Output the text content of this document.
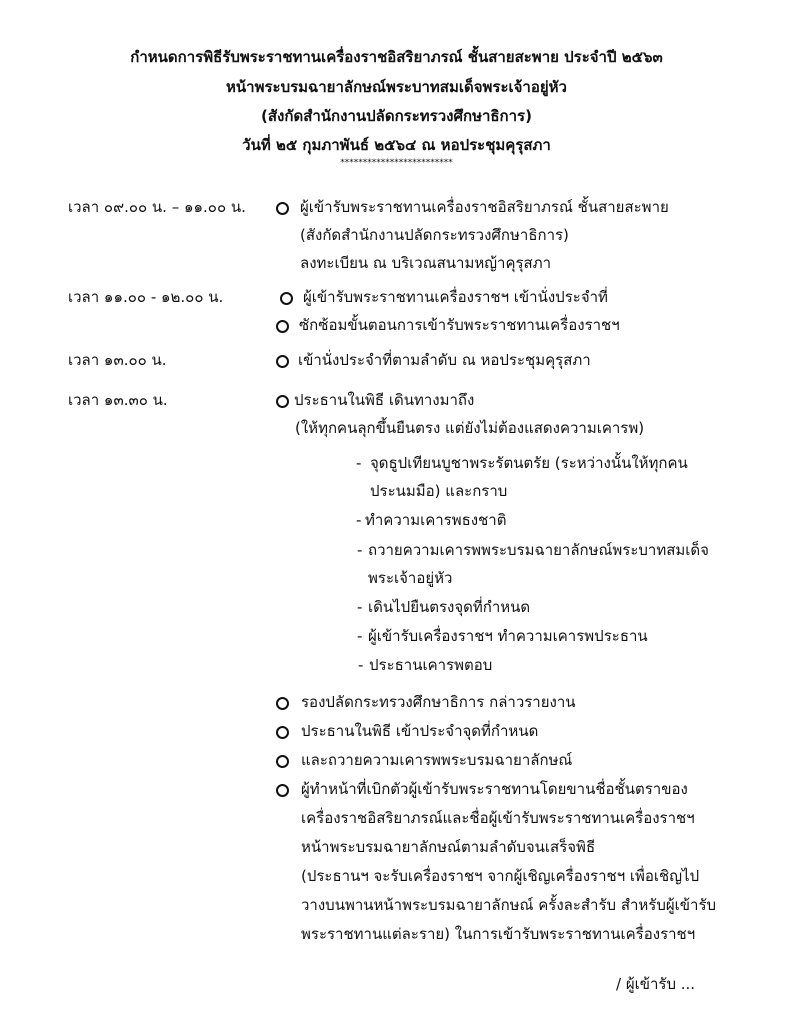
กำหนดการพิธีรับพระราชทานเครื่องราชอิสริยาภรณ์ ชั้นสายสะพาย ประจำปี ๒๕๖๓
หน้าพระบรมฉายาลักษณ์พระบาทสมเด็จพระเจ้าอยู่หัว
(สังกัดสำนักงานปลัดกระทรวงศึกษาธิการ)
วันที่ ๒๕ กุมภาพันธ์ ๒๕๖๔ ณ หอประชุมคุรุสภา
*************************
เวลา ๐๙.๐๐ น. – ๑๑.๐๐ น.	ผู้เข้ารับพระราชทานเครื่องราชอิสริยาภรณ์ ชั้นสายสะพาย
(สังกัดสำนักงานปลัดกระทรวงศึกษาธิการ)
ลงทะเบียน ณ บริเวณสนามหญ้าคุรุสภา
เวลา ๑๑.๐๐ - ๑๒.๐๐ น.	ผู้เข้ารับพระราชทานเครื่องราชฯ เข้านั่งประจำที่
ซักซ้อมขั้นตอนการเข้ารับพระราชทานเครื่องราชฯ
เวลา ๑๓.๐๐ น.	เข้านั่งประจำที่ตามลำดับ ณ หอประชุมคุรุสภา
เวลา ๑๓.๓๐ น.	ประธานในพิธี เดินทางมาถึง
(ให้ทุกคนลุกขึ้นยืนตรง แต่ยังไม่ต้องแสดงความเคารพ)
- จุดธูปเทียนบูชาพระรัตนตรัย (ระหว่างนั้นให้ทุกคน
ประนมมือ) และกราบ
- ทำความเคารพธงชาติ
- ถวายความเคารพพระบรมฉายาลักษณ์พระบาทสมเด็จ
พระเจ้าอยู่หัว
- เดินไปยืนตรงจุดที่กำหนด
- ผู้เข้ารับเครื่องราชฯ ทำความเคารพประธาน
- ประธานเคารพตอบ
รองปลัดกระทรวงศึกษาธิการ กล่าวรายงาน
ประธานในพิธี เข้าประจำจุดที่กำหนด
และถวายความเคารพพระบรมฉายาลักษณ์
ผู้ทำหน้าที่เบิกตัวผู้เข้ารับพระราชทานโดยขานชื่อชั้นตราของ
เครื่องราชอิสริยาภรณ์และชื่อผู้เข้ารับพระราชทานเครื่องราชฯ
หน้าพระบรมฉายาลักษณ์ตามลำดับจนเสร็จพิธี
(ประธานฯ จะรับเครื่องราชฯ จากผู้เชิญเครื่องราชฯ เพื่อเชิญไป
วางบนพานหน้าพระบรมฉายาลักษณ์ ครั้งละสำรับ สำหรับผู้เข้ารับ
พระราชทานแต่ละราย) ในการเข้ารับพระราชทานเครื่องราชฯ
/ ผู้เข้ารับ ...
